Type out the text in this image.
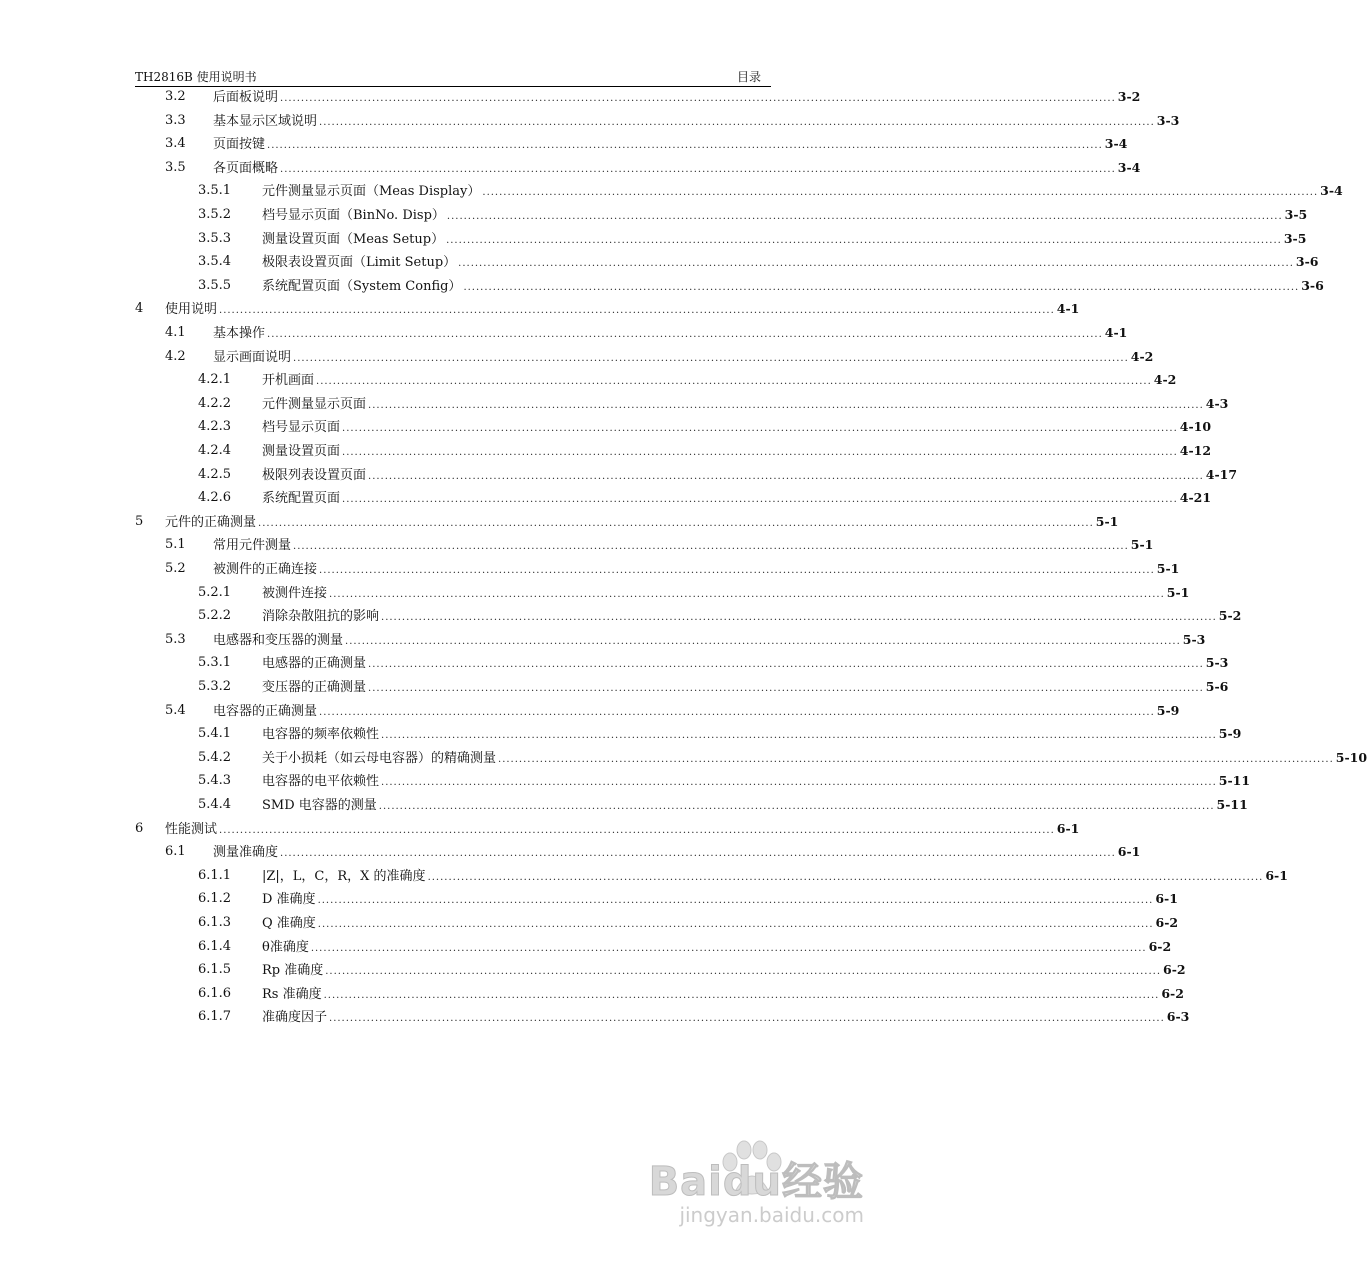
TH2816B 使用说明书	目录
3.2 后面板说明 ........................................................................................................................................................................................................ 3-2
3.3 基本显示区域说明 ........................................................................................................................................................................................................ 3-3
3.4 页面按键 ........................................................................................................................................................................................................ 3-4
3.5 各页面概略 ........................................................................................................................................................................................................ 3-4
3.5.1 元件测量显示页面（Meas Display） ........................................................................................................................................................................................................ 3-4
3.5.2 档号显示页面（BinNo. Disp） ........................................................................................................................................................................................................ 3-5
3.5.3 测量设置页面（Meas Setup） ........................................................................................................................................................................................................ 3-5
3.5.4 极限表设置页面（Limit Setup） ........................................................................................................................................................................................................ 3-6
3.5.5 系统配置页面（System Config） ........................................................................................................................................................................................................ 3-6
4 使用说明 ........................................................................................................................................................................................................ 4-1
4.1 基本操作 ........................................................................................................................................................................................................ 4-1
4.2 显示画面说明 ........................................................................................................................................................................................................ 4-2
4.2.1 开机画面 ........................................................................................................................................................................................................ 4-2
4.2.2 元件测量显示页面 ........................................................................................................................................................................................................ 4-3
4.2.3 档号显示页面 ........................................................................................................................................................................................................ 4-10
4.2.4 测量设置页面 ........................................................................................................................................................................................................ 4-12
4.2.5 极限列表设置页面 ........................................................................................................................................................................................................ 4-17
4.2.6 系统配置页面 ........................................................................................................................................................................................................ 4-21
5 元件的正确测量 ........................................................................................................................................................................................................ 5-1
5.1 常用元件测量 ........................................................................................................................................................................................................ 5-1
5.2 被测件的正确连接 ........................................................................................................................................................................................................ 5-1
5.2.1 被测件连接 ........................................................................................................................................................................................................ 5-1
5.2.2 消除杂散阻抗的影响 ........................................................................................................................................................................................................ 5-2
5.3 电感器和变压器的测量 ........................................................................................................................................................................................................ 5-3
5.3.1 电感器的正确测量 ........................................................................................................................................................................................................ 5-3
5.3.2 变压器的正确测量 ........................................................................................................................................................................................................ 5-6
5.4 电容器的正确测量 ........................................................................................................................................................................................................ 5-9
5.4.1 电容器的频率依赖性 ........................................................................................................................................................................................................ 5-9
5.4.2 关于小损耗（如云母电容器）的精确测量 ........................................................................................................................................................................................................ 5-10
5.4.3 电容器的电平依赖性 ........................................................................................................................................................................................................ 5-11
5.4.4 SMD 电容器的测量 ........................................................................................................................................................................................................ 5-11
6 性能测试 ........................................................................................................................................................................................................ 6-1
6.1 测量准确度 ........................................................................................................................................................................................................ 6-1
6.1.1 |Z|，L，C，R，X 的准确度 ........................................................................................................................................................................................................ 6-1
6.1.2 D 准确度 ........................................................................................................................................................................................................ 6-1
6.1.3 Q 准确度 ........................................................................................................................................................................................................ 6-2
6.1.4 θ准确度 ........................................................................................................................................................................................................ 6-2
6.1.5 Rp 准确度 ........................................................................................................................................................................................................ 6-2
6.1.6 Rs 准确度 ........................................................................................................................................................................................................ 6-2
6.1.7 准确度因子 ........................................................................................................................................................................................................ 6-3
Baidu经验
jingyan.baidu.com
